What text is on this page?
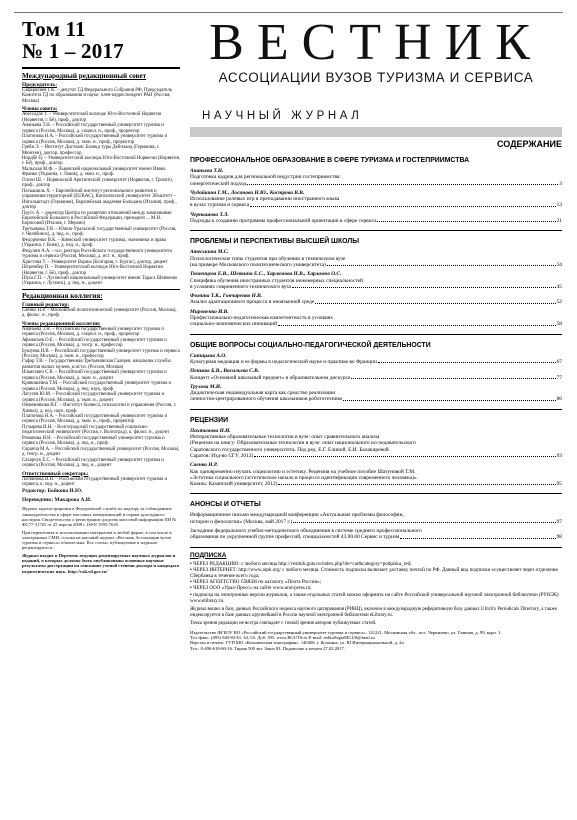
Том 11
№ 1 – 2017
Международный редакционный совет
Председатель:
Сафарялиев Г.К. – депутат ГД Федерального Собрания РФ, Председатель Комитета ГД по образованию и науке, член-корреспондент РАН (Россия, Москва)
Члены совета:
Абессадзе Т. – Университетский колледж Юго-Восточной Норвегии (Норвегия, г. Бё), проф., доктор
Ананьева Т.Н. – Российский государственный университет туризма и сервиса (Россия, Москва), д. социол. н., проф., проректор
Платонова Н.А. – Российский государственный университет туризма и сервиса (Россия, Москва), д. экон. н., проф., проректор
Грейн Э. – Институт Дистланс Бланкд туры Дейчланд (Германия, г. Мюнхен), доктор, профессор
Нордбё Ц. – Университетский колледж Юго-Восточной Норвегии (Норвегия, г. Бё), проф., доктор
Мальская М.Ф. – Львовский национальный университет имени Ивана Франко (Украина, г. Львов), д. экон. н., проф.
Олсен Ш. – Норвежский Арктический университет (Норвегия, г. Тромсё), проф., доктор
Пескашиль Х. – Европейский институт регионального развития и управления территорией (EURAC), Католический университет Эйхштетт – Ингольштадт (Германия), Европейская академия Больцано (Италия), проф., доктор
Прусс А. – директор Центра по развитию отношений между компаниями Европейской Большого в Российской Федерации, президент ... М.Н. Борисовой (Италия, г. Мерано)
Третьякова Т.Н. – Южно-Уральский государственный университет (Россия, г. Челябинск), д. пед. н., проф.
Федорченко В.К. – Киевский университет туризма, экономики и права (Украина, г. Киев), д. пед. н., проф.
Федулин А.А. – и.о. ректора Российского государственного университета туризма и сервиса (Россия, Москва), д. ист. н., проф.
Христова Т. – Университет Варны (Болгария, г. Бургас), доктор, доцент
Штрембер П. – Университетский колледж Юго-Восточной Норвегии (Норвегия, г. Бё), проф., доктор
Шуш Г.П. – Луганский национальный университет имени Тараса Шевченко (Украина, г. Луганск), д. пед. н., доцент
Редакционная коллегия:
Главный редактор:
Саенко Н.Р. – Московский политехнический университет (Россия, Москва), д. филос. н., проф.
Члены редакционной коллегии:
Ананьева Т.Н. – Российский государственный университет туризма и сервиса (Россия, Москва), д. социол. н., проф., проректор
Афанасьев О.Е. – Российский государственный университет туризма и сервиса (Россия, Москва), д. геогр. н., профессор
Бушуева И.В. – Российский государственный университет туризма и сервиса (Россия, Москва), д. экон. н., профессор
Гафар Т.В. – Государственная Третьяковская Галерея, начальник службы развития малых музеев, к.ист.н. (Россия, Москва)
Ильясевич С.В. – Российский государственный университет туризма и сервиса (Россия, Москва), д. экон. н., доцент
Кривошеина Т.М. – Российский государственный университет туризма и сервиса (Россия, Москва), д. пед. наук, проф.
Лагусев Ю.М. – Российский государственный университет туризма и сервиса (Россия, Москва), д. экон. н., доцент
Овчинникова И.Г. – Институт бизнеса, психологии и управления (Россия, г. Химки), д. пед. наук, проф.
Платонова Н.А. – Российский государственный университет туризма и сервиса (Россия, Москва), д. экон. н., проф., проректор
Пузырева И.Н. – Волгоградский государственный социально-педагогический университет (Россия, г. Волгоград), к. филол. н., доцент
Романова Н.Н. – Российский государственный университет туризма и сервиса (Россия, Москва), д. пед. н., проф.
Саранча М.А. – Российский государственный университет (Россия, Москва), д. геогр. н., доцент
Сахарчук Е.С. – Российский государственный университет туризма и сервиса (Россия, Москва), д. пед. н., доцент
Ответственный секретарь:
Логвинова И.Н. – Российский государственный университет туризма и сервиса, к. пед. н., доцент
Редактор: Бойкова И.Ю.
Переводчик: Макарова А.И.
Журнал зарегистрирован в Федеральной службе по надзору за соблюдением законодательства в сфере массовых коммуникаций и охране культурного наследия. Свидетельство о регистрации средства массовой информации ПИ № ФС77-31765 от 25 апреля 2008 г. ISSN 1995-7645.
При перепечатке и использовании материалов в любой форме, в том числе в электронных СМИ, ссылка на научный журнал «Вестник Ассоциации вузов туризма и сервиса» обязательна. Все статьи, публикуемые в журнале, рецензируются.
Журнал входит в Перечень ведущих рецензируемых научных журналов и изданий, в которых должны быть опубликованы основные научные результаты диссертации на соискание ученой степени доктора и кандидата педагогических наук. http://vak.ed.gov.ru/
ВЕСТНИК
АССОЦИАЦИИ ВУЗОВ ТУРИЗМА И СЕРВИСА
НАУЧНЫЙ ЖУРНАЛ
СОДЕРЖАНИЕ
ПРОФЕССИОНАЛЬНОЕ ОБРАЗОВАНИЕ В СФЕРЕ ТУРИЗМА И ГОСТЕПРИИМСТВА
Ананьева Т.Н.
Подготовка кадров для региональной индустрии гостеприимства:
синергетический подход	3
Чудайкина Г.М., Лосинова Н.Ю., Кострова В.В.
Использование ролевых игр в преподавании иностранного языка
в вузах туризма и сервиса	13
Чернышова Т.Л.
Подходы к созданию программы профессиональной ориентации в сфере сервиса	21
ПРОБЛЕМЫ И ПЕРСПЕКТИВЫ ВЫСШЕЙ ШКОЛЫ
Атеськина М.С.
Психологические типы студентов при обучении в техническом вузе
(на примере Московского политехнического университета)	34
Тюменцева Е.В., Шевкина Е.С., Харламова Н.В., Харламов О.С.
Специфика обучения иностранных студентов инженерных специальностей
в условиях современного технического вуза	45
Фомина Т.К., Гончаренко Н.В.
Анализ адаптационного процесса в иноязычной среде	52
Мироненко И.В.
Профессионально-педагогическая компетентность в условиях
социально-экономических инноваций	58
ОБЩИЕ ВОПРОСЫ СОЦИАЛЬНО-ПЕДАГОГИЧЕСКОЙ ДЕЯТЕЛЬНОСТИ
Синицына А.О.
Культурная медиация и ее формы в педагогической науке и практике во Франции	67
Пеньков Б.В., Васильева С.В.
Концепт «Основной школьный предмет» в образовательном дискурсе	77
Трухова М.И.
Дидактическая индивидуальная карта как средство реализации
личностно-центрированного обучения школьников робототехнике	86
РЕЦЕНЗИИ
Пахтимова Н.И.
Интерактивные образовательные технологии в вузе: опыт сравнительного анализа
(Рецензия на книгу: Образовательные технологии в вузе: опыт национального исследовательского
Саратовского государственного университета. Под ред. Е.Г. Елиной, Е.И. Балакиревой.
Саратов: Изд-во СГУ, 2012)	93
Саенко Н.Р.
Как одновременно изучать социологию и эстетику. Рецензия на учебное пособие Шатуновой Т.М.
«Эстетика социального (эстетическое начало в процессе идентификации современного человека)».
Казань: Казанский университет, 2012)	95
АНОНСЫ И ОТЧЕТЫ
Информационное письмо международной конференции «Актуальные проблемы философии,
истории и филологии» (Москва, май 2017 г.)	97
Заседание федерального учебно-методического объединения в системе среднего профессионального
образования по укрупненной группе профессий, специальностей 43.00.00 Сервис и туризм	98
ПОДПИСКА
• ЧЕРЕЗ РЕДАКЦИЮ: с любого месяца http://vestnik.guts.ru/index.php?do=cat&category=podpiska_red;
• ЧЕРЕЗ ИНТЕРНЕТ: http://www.arpk.org/ с любого месяца. Стоимость подписки включает доставку почтой по РФ. Данный вид подписки осуществляет через отделения Сбербанка в течение всего года;
• ЧЕРЕЗ АГЕНТСТВО СВЯЗИ по каталогу «Почта России»;
• ЧЕРЕЗ ООО «Урал-Пресс» на сайте www.ural-press.ru;
• подписка на электронные версии журналов, а также отдельных статей можно оформить на сайте Российской универсальной научной электронной библиотеки (РУНЭБ) www.elibrary.ru.
Журнал вошел в базу данных Российского индекса научного цитирования (РИНЦ), включен в международную реферативную базу данных Ulrich's Periodicals Directory, а также индексируется в базе данных крупнейшей в России научной электронной библиотеки eLibrary.ru.
Точка зрения редакции не всегда совпадает с точкой зрения авторов публикуемых статей.
Издательство ФГБОУ ВО «Российский государственный университет туризма и сервиса»: 141221, Московская обл., пос. Черкизово, ул. Главная, д. 99, корп. 1.
Тел./факс: (495) 940-83-61, 62, 63. Доб. 395. www.RGUTS.ru E-mail: redkollegiaMGUS@mail.ru
Верстка и печать: ГУП МО «Коломенская типография». 140400, г. Коломна, ул. III Интернациональной, д. 2а.
Тел.: 8-496-618-60-16. Тираж 500 экз. Заказ 83. Подписано к печати 27.02.2017.
